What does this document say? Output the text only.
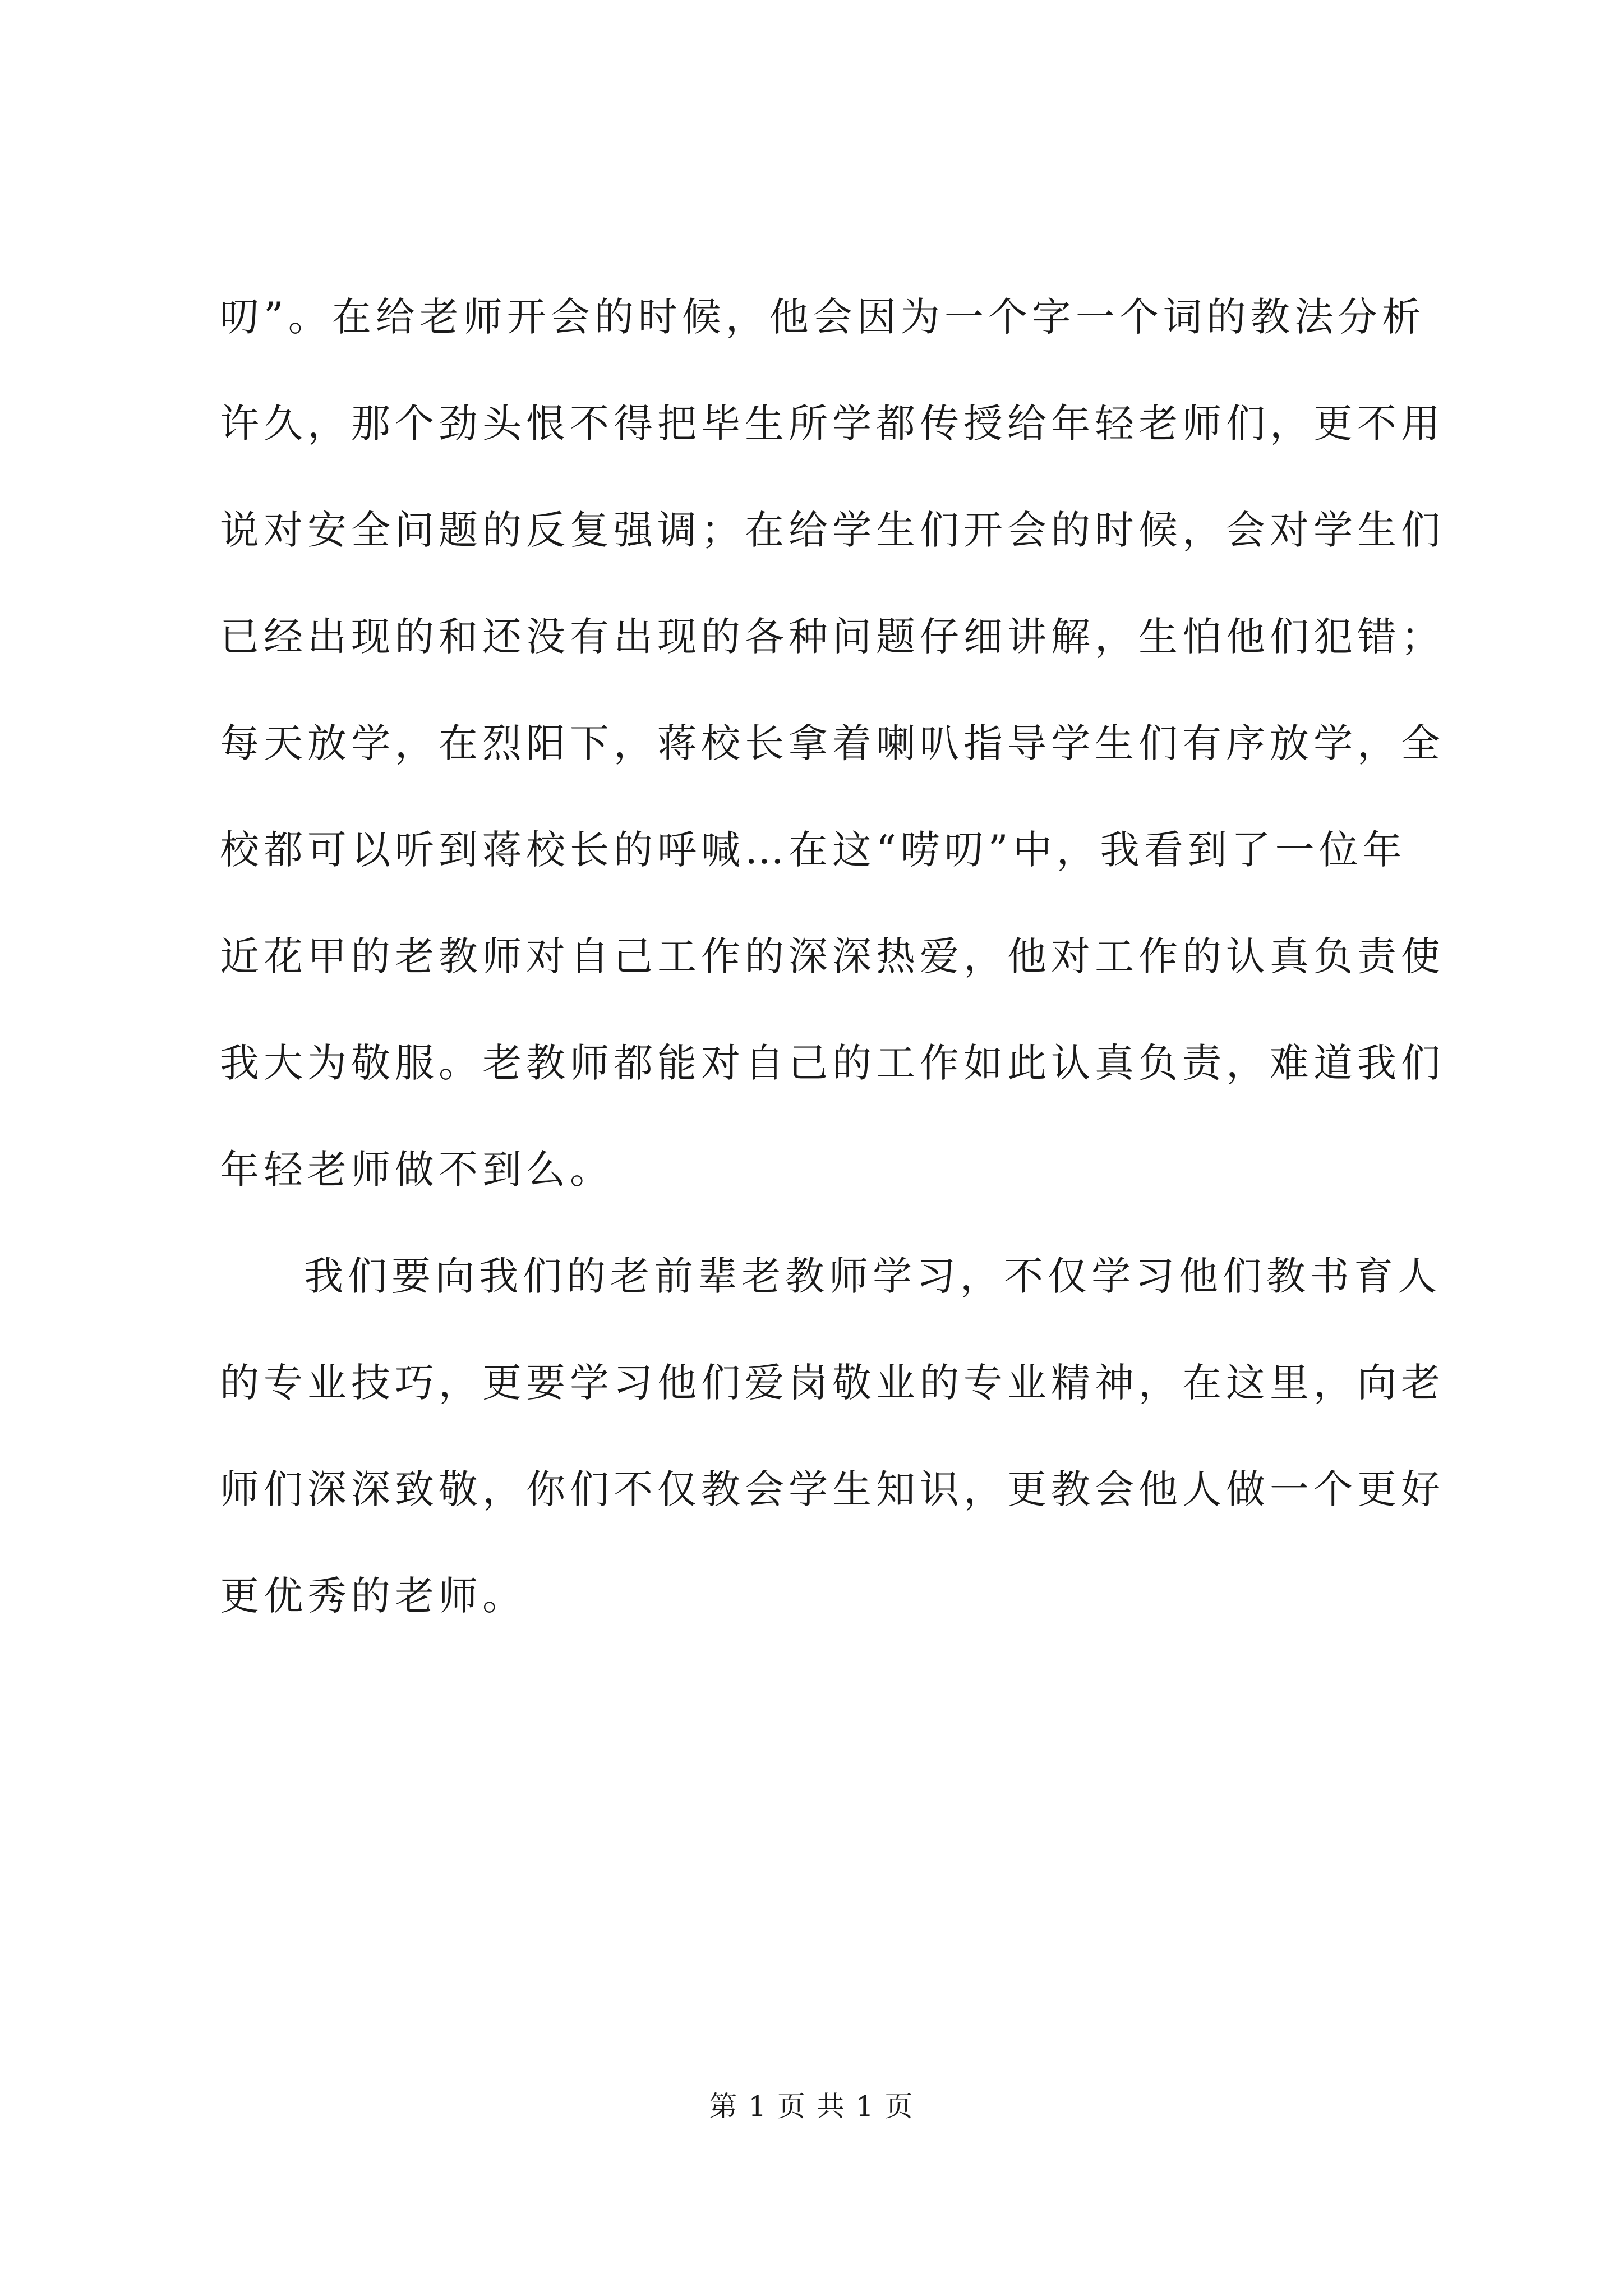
叨”。在给老师开会的时候，他会因为一个字一个词的教法分析
许久，那个劲头恨不得把毕生所学都传授给年轻老师们，更不用
说对安全问题的反复强调；在给学生们开会的时候，会对学生们
已经出现的和还没有出现的各种问题仔细讲解，生怕他们犯错；
每天放学，在烈阳下，蒋校长拿着喇叭指导学生们有序放学，全
校都可以听到蒋校长的呼喊…在这“唠叨”中，我看到了一位年
近花甲的老教师对自己工作的深深热爱，他对工作的认真负责使
我大为敬服。老教师都能对自己的工作如此认真负责，难道我们
年轻老师做不到么。
我们要向我们的老前辈老教师学习，不仅学习他们教书育人
的专业技巧，更要学习他们爱岗敬业的专业精神，在这里，向老
师们深深致敬，你们不仅教会学生知识，更教会他人做一个更好
更优秀的老师。
第 1 页 共 1 页
